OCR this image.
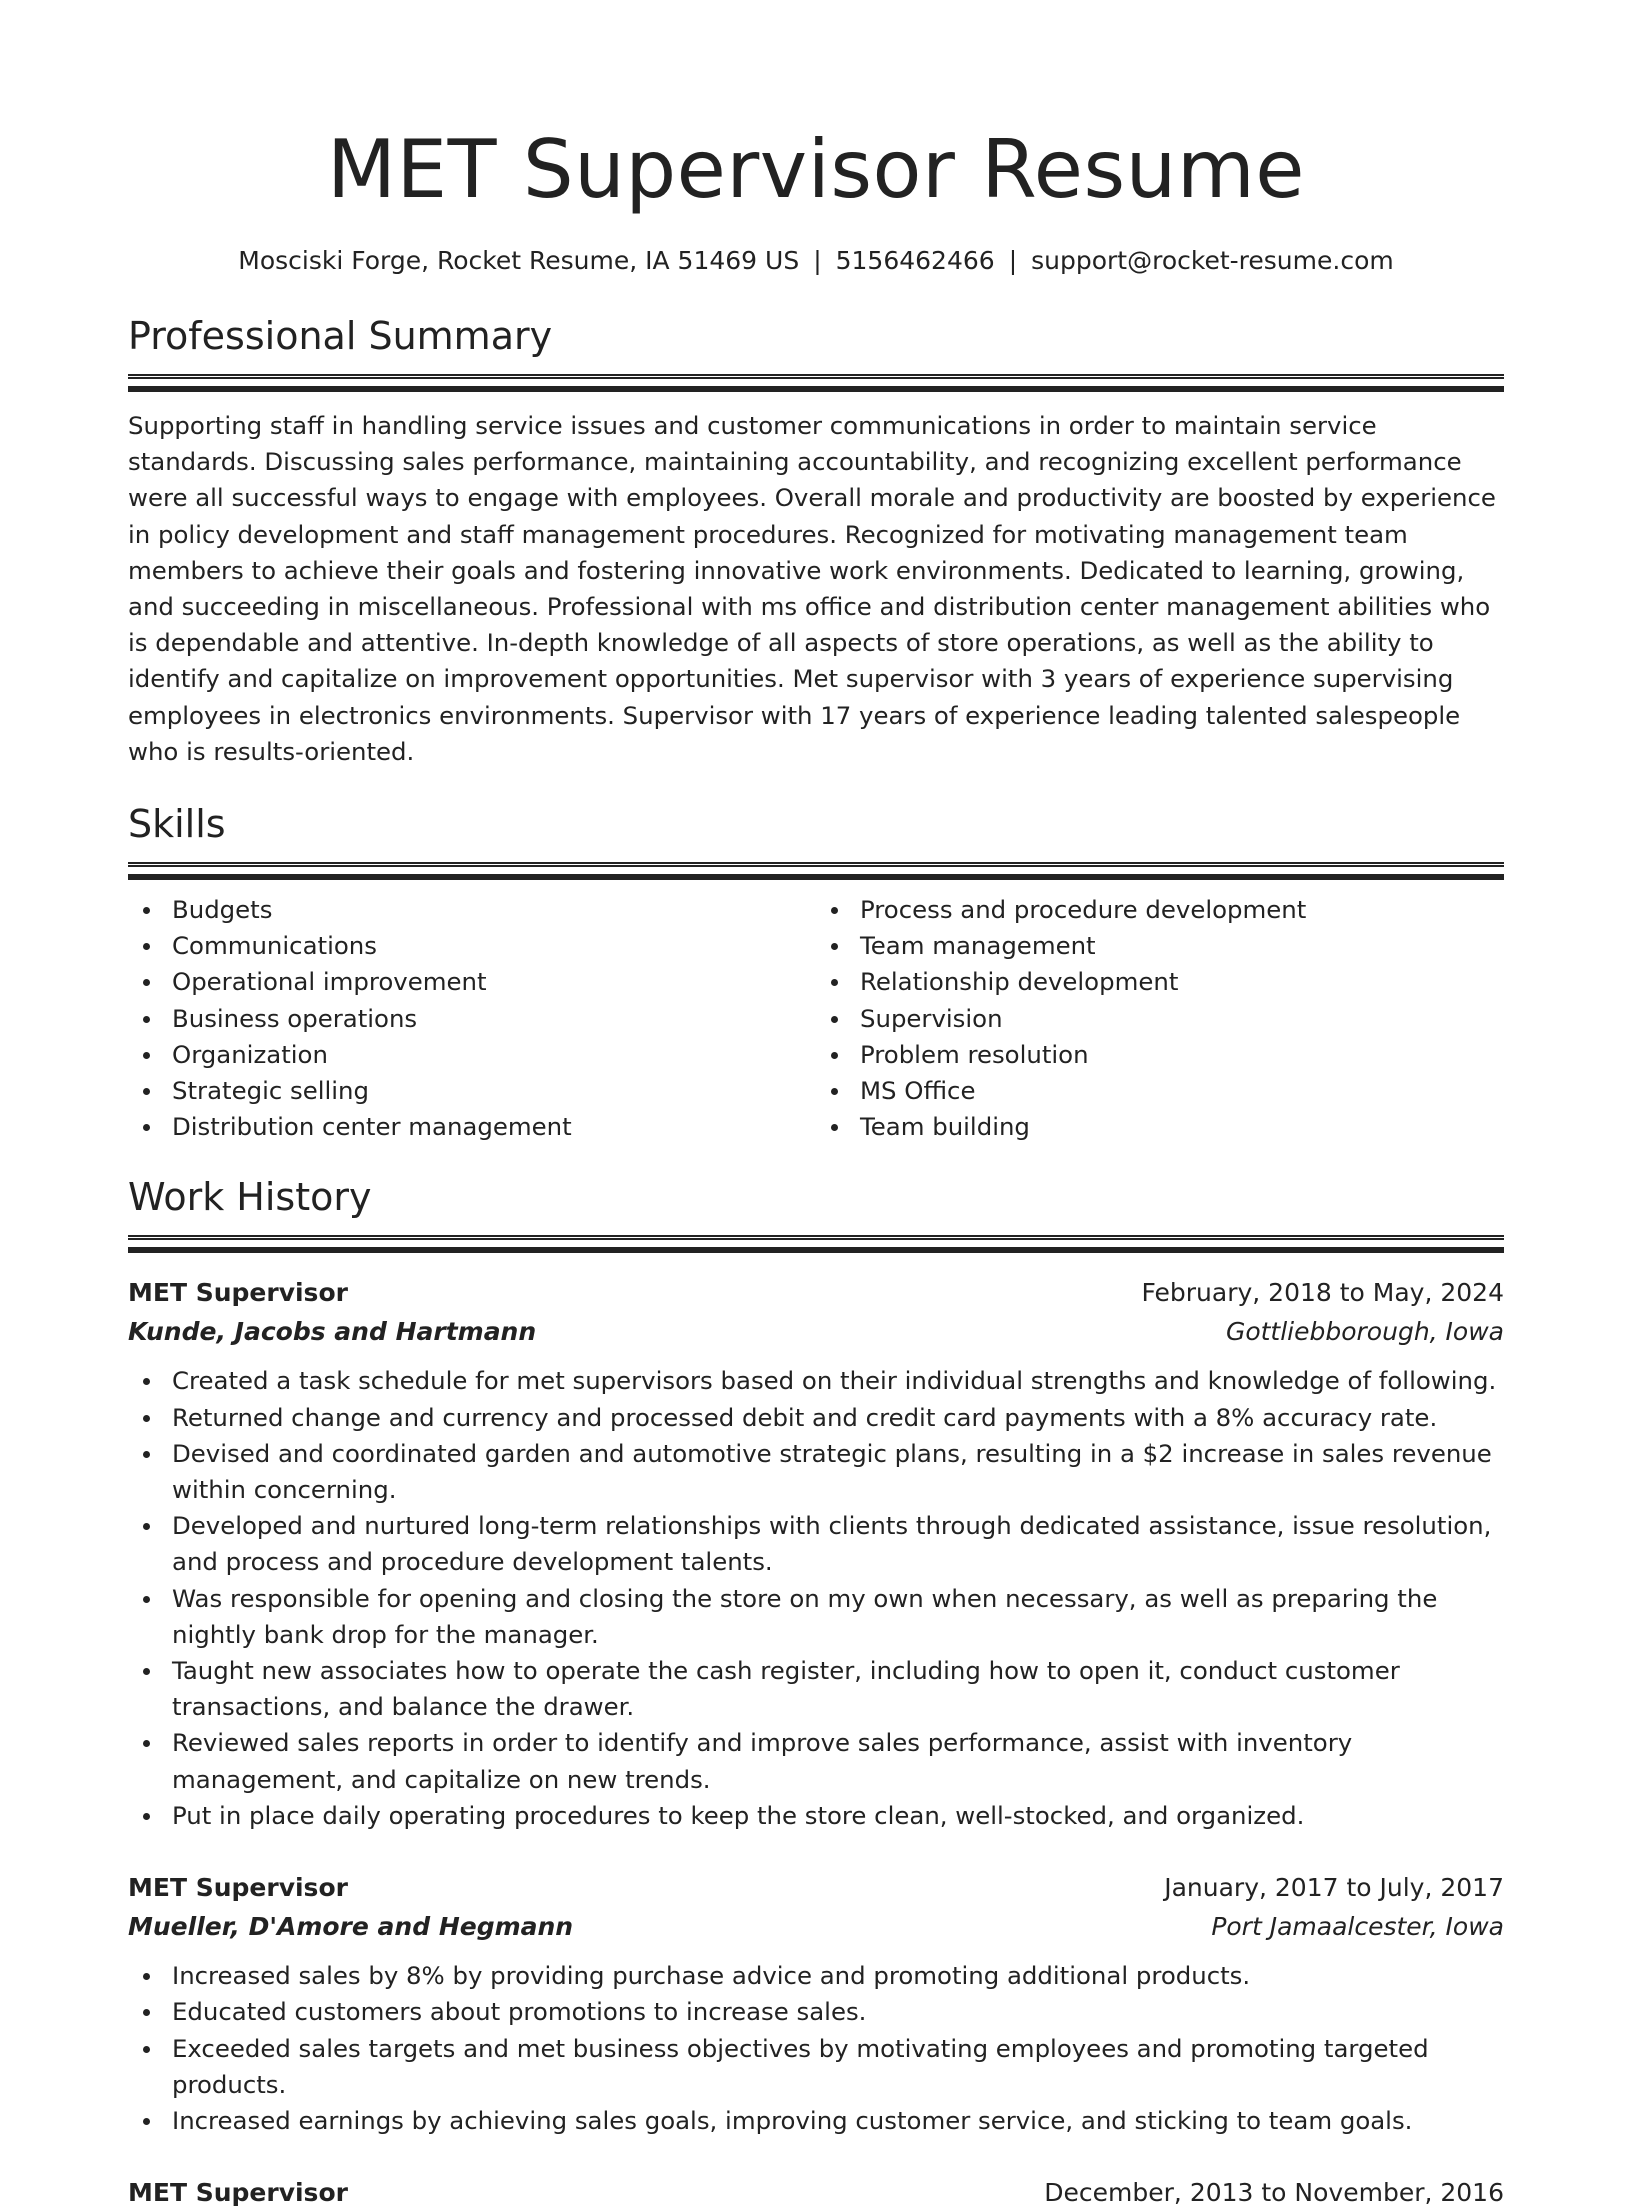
MET Supervisor Resume
Mosciski Forge, Rocket Resume, IA 51469 US | 5156462466 | support@rocket-resume.com
Professional Summary

Supporting staff in handling service issues and customer communications in order to maintain service standards. Discussing sales performance, maintaining accountability, and recognizing excellent performance were all successful ways to engage with employees. Overall morale and productivity are boosted by experience in policy development and staff management procedures. Recognized for motivating management team members to achieve their goals and fostering innovative work environments. Dedicated to learning, growing, and succeeding in miscellaneous. Professional with ms office and distribution center management abilities who is dependable and attentive. In-depth knowledge of all aspects of store operations, as well as the ability to identify and capitalize on improvement opportunities. Met supervisor with 3 years of experience supervising employees in electronics environments. Supervisor with 17 years of experience leading talented salespeople who is results-oriented.

Skills
Budgets
Communications
Operational improvement
Business operations
Organization
Strategic selling
Distribution center management
Process and procedure development
Team management
Relationship development
Supervision
Problem resolution
MS Office
Team building
Work History
MET Supervisor	February, 2018 to May, 2024
Kunde, Jacobs and Hartmann	Gottliebborough, Iowa
Created a task schedule for met supervisors based on their individual strengths and knowledge of following.
Returned change and currency and processed debit and credit card payments with a 8% accuracy rate.
Devised and coordinated garden and automotive strategic plans, resulting in a $2 increase in sales revenue within concerning.
Developed and nurtured long-term relationships with clients through dedicated assistance, issue resolution, and process and procedure development talents.
Was responsible for opening and closing the store on my own when necessary, as well as preparing the nightly bank drop for the manager.
Taught new associates how to operate the cash register, including how to open it, conduct customer transactions, and balance the drawer.
Reviewed sales reports in order to identify and improve sales performance, assist with inventory management, and capitalize on new trends.
Put in place daily operating procedures to keep the store clean, well-stocked, and organized.
MET Supervisor	January, 2017 to July, 2017
Mueller, D'Amore and Hegmann	Port Jamaalcester, Iowa
Increased sales by 8% by providing purchase advice and promoting additional products.
Educated customers about promotions to increase sales.
Exceeded sales targets and met business objectives by motivating employees and promoting targeted products.
Increased earnings by achieving sales goals, improving customer service, and sticking to team goals.
MET Supervisor	December, 2013 to November, 2016
